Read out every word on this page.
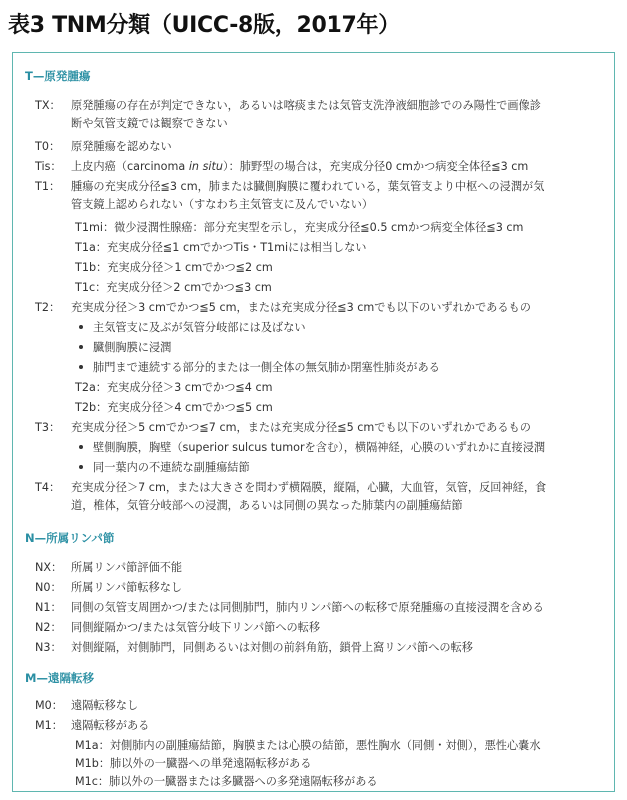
表3 TNM分類（UICC-8版，2017年）
T—原発腫瘍
TX： 原発腫瘍の存在が判定できない，あるいは喀痰または気管支洗浄液細胞診でのみ陽性で画像診
断や気管支鏡では観察できない
T0： 原発腫瘍を認めない
Tis： 上皮内癌（carcinoma in situ）：肺野型の場合は，充実成分径0 cmかつ病変全体径≦3 cm
T1： 腫瘍の充実成分径≦3 cm，肺または臓側胸膜に覆われている，葉気管支より中枢への浸潤が気
管支鏡上認められない（すなわち主気管支に及んでいない）
T1mi：微少浸潤性腺癌：部分充実型を示し，充実成分径≦0.5 cmかつ病変全体径≦3 cm
T1a：充実成分径≦1 cmでかつTis・T1miには相当しない
T1b：充実成分径＞1 cmでかつ≦2 cm
T1c：充実成分径＞2 cmでかつ≦3 cm
T2： 充実成分径＞3 cmでかつ≦5 cm，または充実成分径≦3 cmでも以下のいずれかであるもの
主気管支に及ぶが気管分岐部には及ばない
臓側胸膜に浸潤
肺門まで連続する部分的または一側全体の無気肺か閉塞性肺炎がある
T2a：充実成分径＞3 cmでかつ≦4 cm
T2b：充実成分径＞4 cmでかつ≦5 cm
T3： 充実成分径＞5 cmでかつ≦7 cm，または充実成分径≦5 cmでも以下のいずれかであるもの
壁側胸膜，胸壁（superior sulcus tumorを含む），横隔神経，心膜のいずれかに直接浸潤
同一葉内の不連続な副腫瘍結節
T4： 充実成分径＞7 cm，または大きさを問わず横隔膜，縦隔，心臓，大血管，気管，反回神経，食
道，椎体，気管分岐部への浸潤，あるいは同側の異なった肺葉内の副腫瘍結節
N—所属リンパ節
NX： 所属リンパ節評価不能
N0： 所属リンパ節転移なし
N1： 同側の気管支周囲かつ/または同側肺門，肺内リンパ節への転移で原発腫瘍の直接浸潤を含める
N2： 同側縦隔かつ/または気管分岐下リンパ節への転移
N3： 対側縦隔，対側肺門，同側あるいは対側の前斜角筋，鎖骨上窩リンパ節への転移
M—遠隔転移
M0： 遠隔転移なし
M1： 遠隔転移がある
M1a：対側肺内の副腫瘍結節，胸膜または心膜の結節，悪性胸水（同側・対側），悪性心嚢水
M1b：肺以外の一臓器への単発遠隔転移がある
M1c：肺以外の一臓器または多臓器への多発遠隔転移がある
